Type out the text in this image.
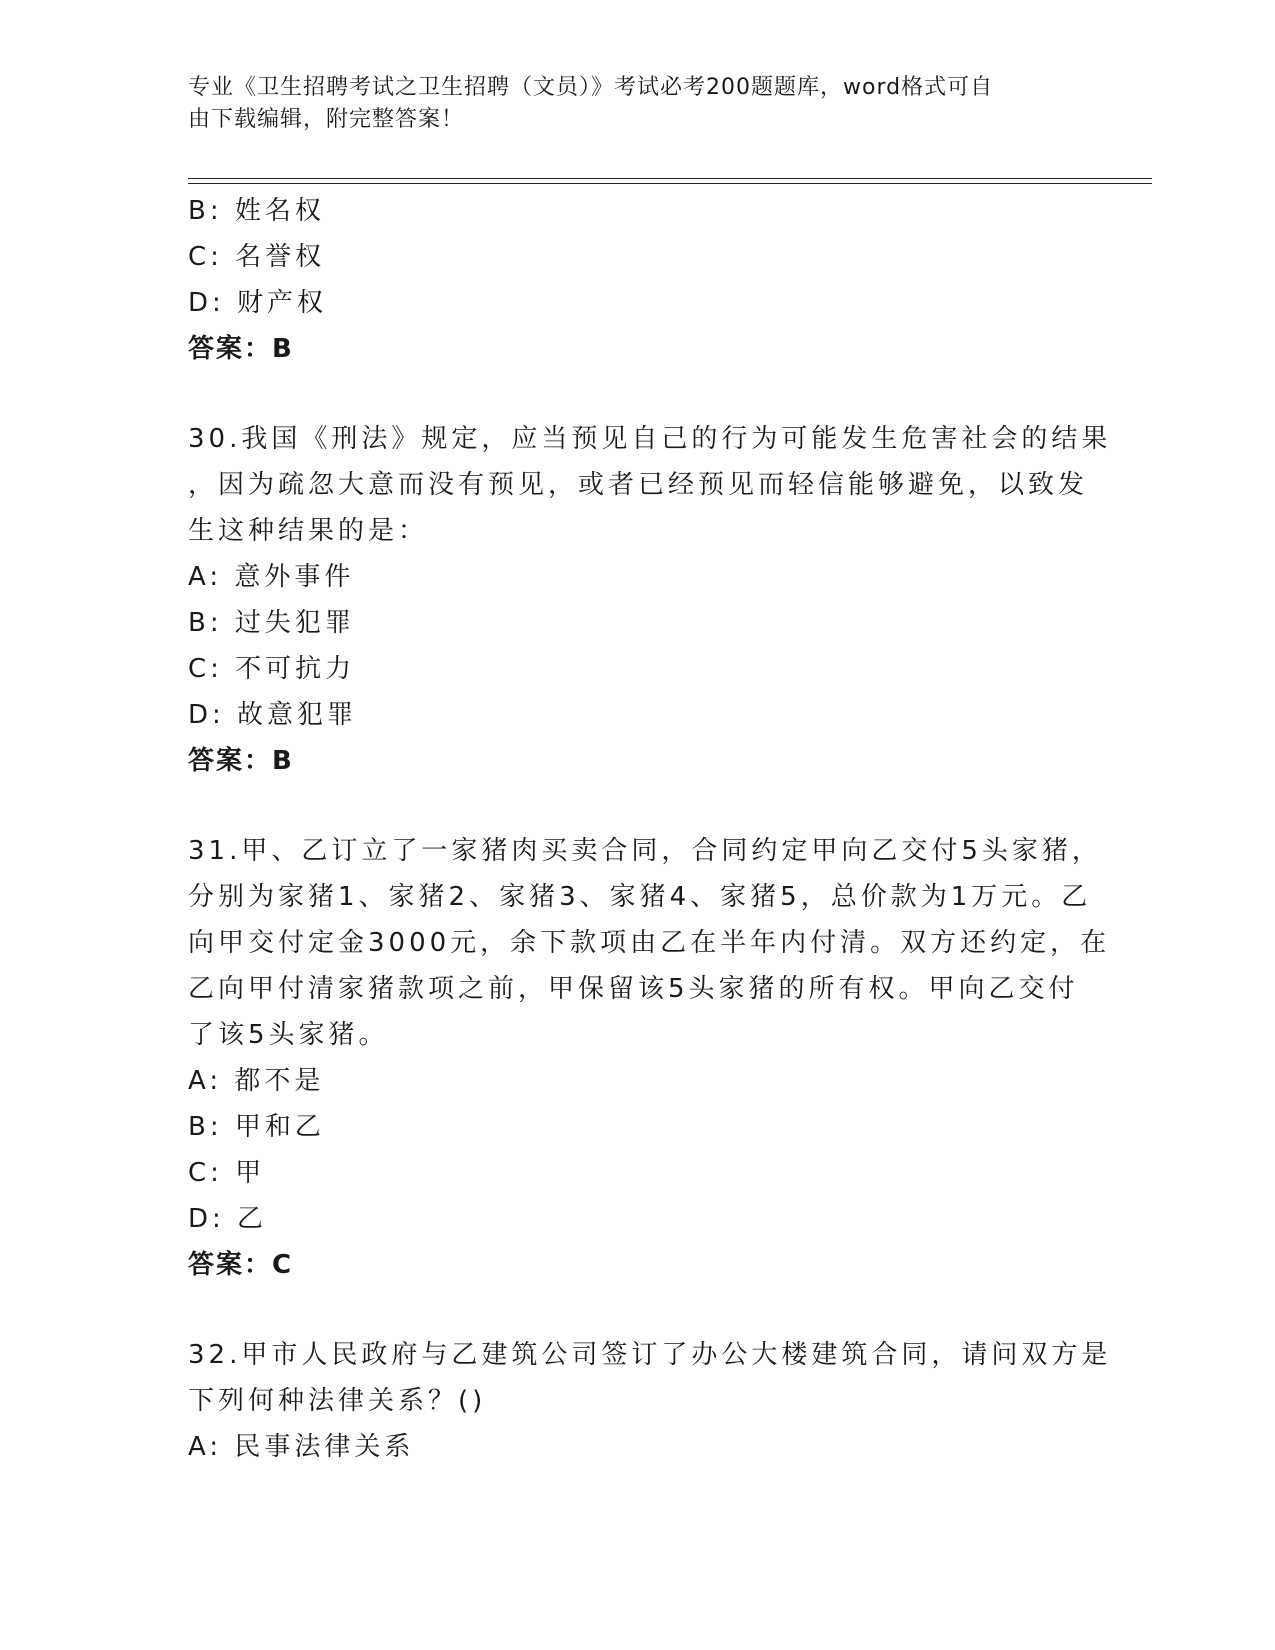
专业《卫生招聘考试之卫生招聘（文员）》考试必考200题题库，word格式可自
由下载编辑，附完整答案！
B: 姓名权
C: 名誉权
D: 财产权
答案：B
30.我国《刑法》规定，应当预见自己的行为可能发生危害社会的结果
，因为疏忽大意而没有预见，或者已经预见而轻信能够避免，以致发
生这种结果的是：
A: 意外事件
B: 过失犯罪
C: 不可抗力
D: 故意犯罪
答案：B
31.甲、乙订立了一家猪肉买卖合同，合同约定甲向乙交付5头家猪，
分别为家猪1、家猪2、家猪3、家猪4、家猪5，总价款为1万元。乙
向甲交付定金3000元，余下款项由乙在半年内付清。双方还约定，在
乙向甲付清家猪款项之前，甲保留该5头家猪的所有权。甲向乙交付
了该5头家猪。
A: 都不是
B: 甲和乙
C: 甲
D: 乙
答案：C
32.甲市人民政府与乙建筑公司签订了办公大楼建筑合同，请问双方是
下列何种法律关系？()
A: 民事法律关系
